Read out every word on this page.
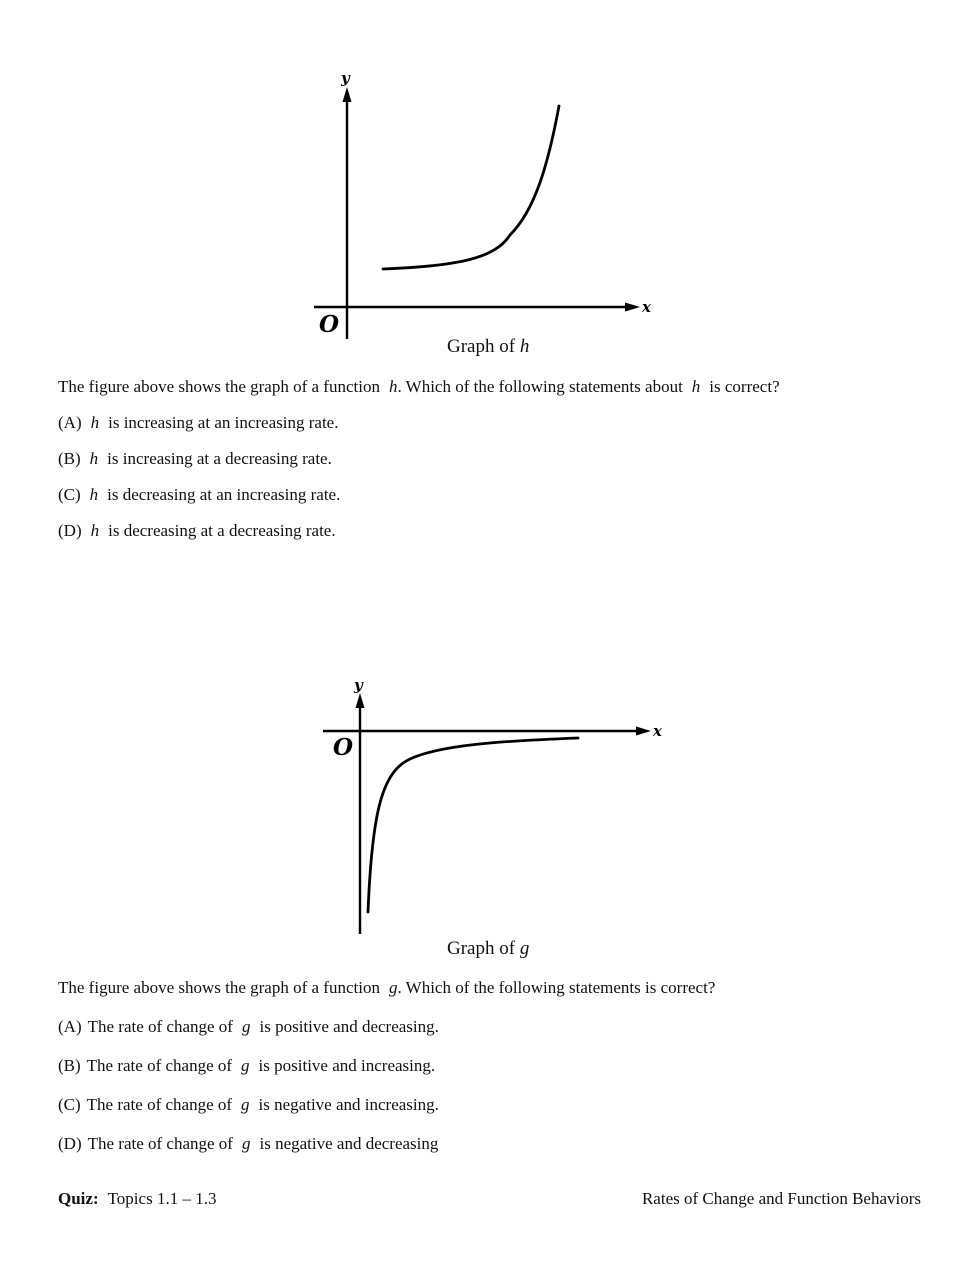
y
x
O
Graph of h
The figure above shows the graph of a function h. Which of the following statements about h is correct?
(A) h is increasing at an increasing rate.
(B) h is increasing at a decreasing rate.
(C) h is decreasing at an increasing rate.
(D) h is decreasing at a decreasing rate.
y
x
O
Graph of g
The figure above shows the graph of a function g. Which of the following statements is correct?
(A) The rate of change of g is positive and decreasing.
(B) The rate of change of g is positive and increasing.
(C) The rate of change of g is negative and increasing.
(D) The rate of change of g is negative and decreasing
Quiz: Topics 1.1 – 1.3	Rates of Change and Function Behaviors
